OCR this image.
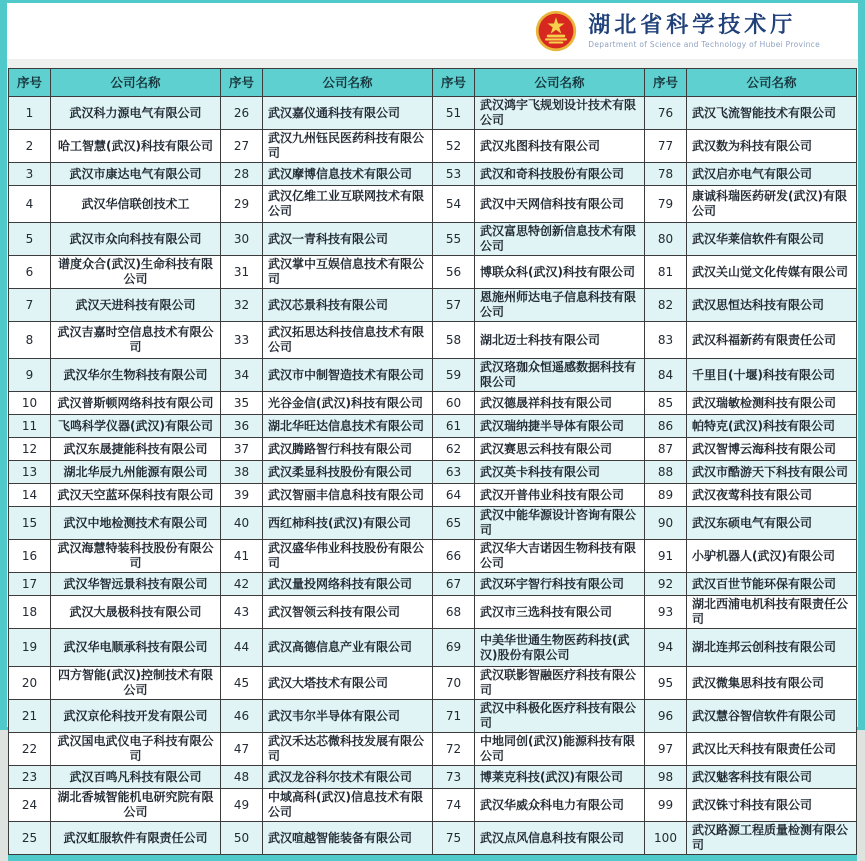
湖北省科学技术厅
Department of Science and Technology of Hubei Province
序号	公司名称	序号	公司名称	序号	公司名称	序号	公司名称
1	武汉科力源电气有限公司	26	武汉嘉仪通科技有限公司	51	武汉鸿宇飞规划设计技术有限公司	76	武汉飞流智能技术有限公司
2	哈工智慧(武汉)科技有限公司	27	武汉九州钰民医药科技有限公司	52	武汉兆图科技有限公司	77	武汉数为科技有限公司
3	武汉市康达电气有限公司	28	武汉摩博信息技术有限公司	53	武汉和奇科技股份有限公司	78	武汉启亦电气有限公司
4	武汉华信联创技术工	29	武汉亿维工业互联网技术有限公司	54	武汉中天网信科技有限公司	79	康诚科瑞医药研发(武汉)有限公司
5	武汉市众向科技有限公司	30	武汉一青科技有限公司	55	武汉富思特创新信息技术有限公司	80	武汉华莱信软件有限公司
6	谱度众合(武汉)生命科技有限公司	31	武汉掌中互娱信息技术有限公司	56	博联众科(武汉)科技有限公司	81	武汉关山觉文化传媒有限公司
7	武汉天进科技有限公司	32	武汉芯景科技有限公司	57	恩施州师达电子信息科技有限公司	82	武汉思恒达科技有限公司
8	武汉吉嘉时空信息技术有限公司	33	武汉拓思达科技信息技术有限公司	58	湖北迈士科技有限公司	83	武汉科福新药有限责任公司
9	武汉华尔生物科技有限公司	34	武汉市中制智造技术有限公司	59	武汉珞珈众恒遥感数据科技有限公司	84	千里目(十堰)科技有限公司
10	武汉普斯顿网络科技有限公司	35	光谷金信(武汉)科技有限公司	60	武汉德晟祥科技有限公司	85	武汉瑞敏检测科技有限公司
11	飞鸣科学仪器(武汉)有限公司	36	湖北华旺达信息技术有限公司	61	武汉瑞纳捷半导体有限公司	86	帕特克(武汉)科技有限公司
12	武汉东晟捷能科技有限公司	37	武汉腾路智行科技有限公司	62	武汉赛思云科技有限公司	87	武汉智博云海科技有限公司
13	湖北华辰九州能源有限公司	38	武汉柔显科技股份有限公司	63	武汉英卡科技有限公司	88	武汉市酷游天下科技有限公司
14	武汉天空蓝环保科技有限公司	39	武汉智丽丰信息科技有限公司	64	武汉开普伟业科技有限公司	89	武汉夜莺科技有限公司
15	武汉中地检测技术有限公司	40	西红柿科技(武汉)有限公司	65	武汉中能华源设计咨询有限公司	90	武汉东硕电气有限公司
16	武汉海慧特装科技股份有限公司	41	武汉盛华伟业科技股份有限公司	66	武汉华大吉诺因生物科技有限公司	91	小驴机器人(武汉)有限公司
17	武汉华智远景科技有限公司	42	武汉量投网络科技有限公司	67	武汉环宇智行科技有限公司	92	武汉百世节能环保有限公司
18	武汉大晟极科技有限公司	43	武汉智领云科技有限公司	68	武汉市三选科技有限公司	93	湖北西浦电机科技有限责任公司
19	武汉华电顺承科技有限公司	44	武汉高德信息产业有限公司	69	中美华世通生物医药科技(武汉)股份有限公司	94	湖北连邦云创科技有限公司
20	四方智能(武汉)控制技术有限公司	45	武汉大塔技术有限公司	70	武汉联影智融医疗科技有限公司	95	武汉微集思科技有限公司
21	武汉京伦科技开发有限公司	46	武汉韦尔半导体有限公司	71	武汉中科极化医疗科技有限公司	96	武汉慧谷智信软件有限公司
22	武汉国电武仪电子科技有限公司	47	武汉禾达芯微科技发展有限公司	72	中地同创(武汉)能源科技有限公司	97	武汉比天科技有限责任公司
23	武汉百鸣凡科技有限公司	48	武汉龙谷科尔技术有限公司	73	博莱克科技(武汉)有限公司	98	武汉魅客科技有限公司
24	湖北香城智能机电研究院有限公司	49	中域高科(武汉)信息技术有限公司	74	武汉华威众科电力有限公司	99	武汉铢寸科技有限公司
25	武汉虹服软件有限责任公司	50	武汉喧越智能装备有限公司	75	武汉点风信息科技有限公司	100	武汉路源工程质量检测有限公司
